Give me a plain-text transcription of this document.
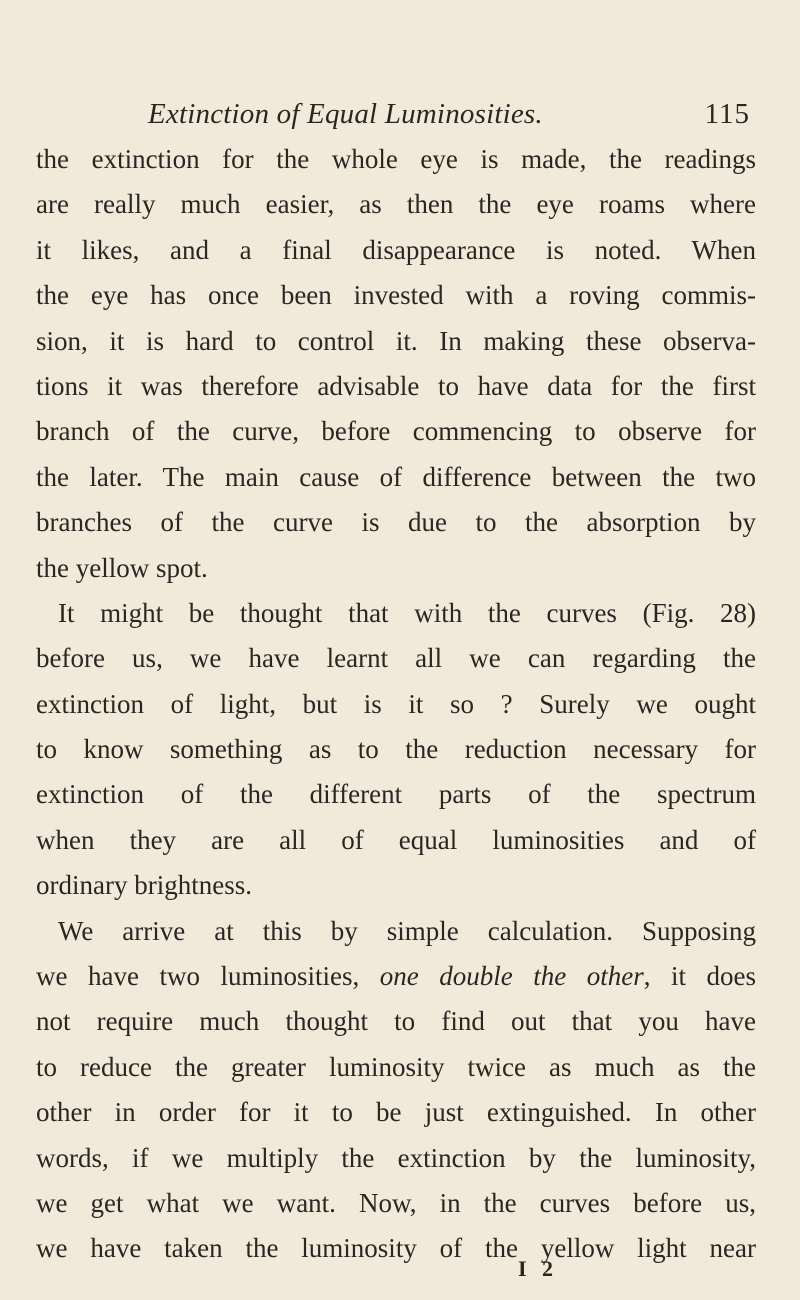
Extinction of Equal Luminosities.	115
the extinction for the whole eye is made, the readings
are really much easier, as then the eye roams where
it likes, and a final disappearance is noted. When
the eye has once been invested with a roving commis-
sion, it is hard to control it. In making these observa-
tions it was therefore advisable to have data for the first
branch of the curve, before commencing to observe for
the later. The main cause of difference between the two
branches of the curve is due to the absorption by
the yellow spot.
It might be thought that with the curves (Fig. 28)
before us, we have learnt all we can regarding the
extinction of light, but is it so ? Surely we ought
to know something as to the reduction necessary for
extinction of the different parts of the spectrum
when they are all of equal luminosities and of
ordinary brightness.
We arrive at this by simple calculation. Supposing
we have two luminosities, one double the other, it does
not require much thought to find out that you have
to reduce the greater luminosity twice as much as the
other in order for it to be just extinguished. In other
words, if we multiply the extinction by the luminosity,
we get what we want. Now, in the curves before us,
we have taken the luminosity of the yellow light near
I 2
